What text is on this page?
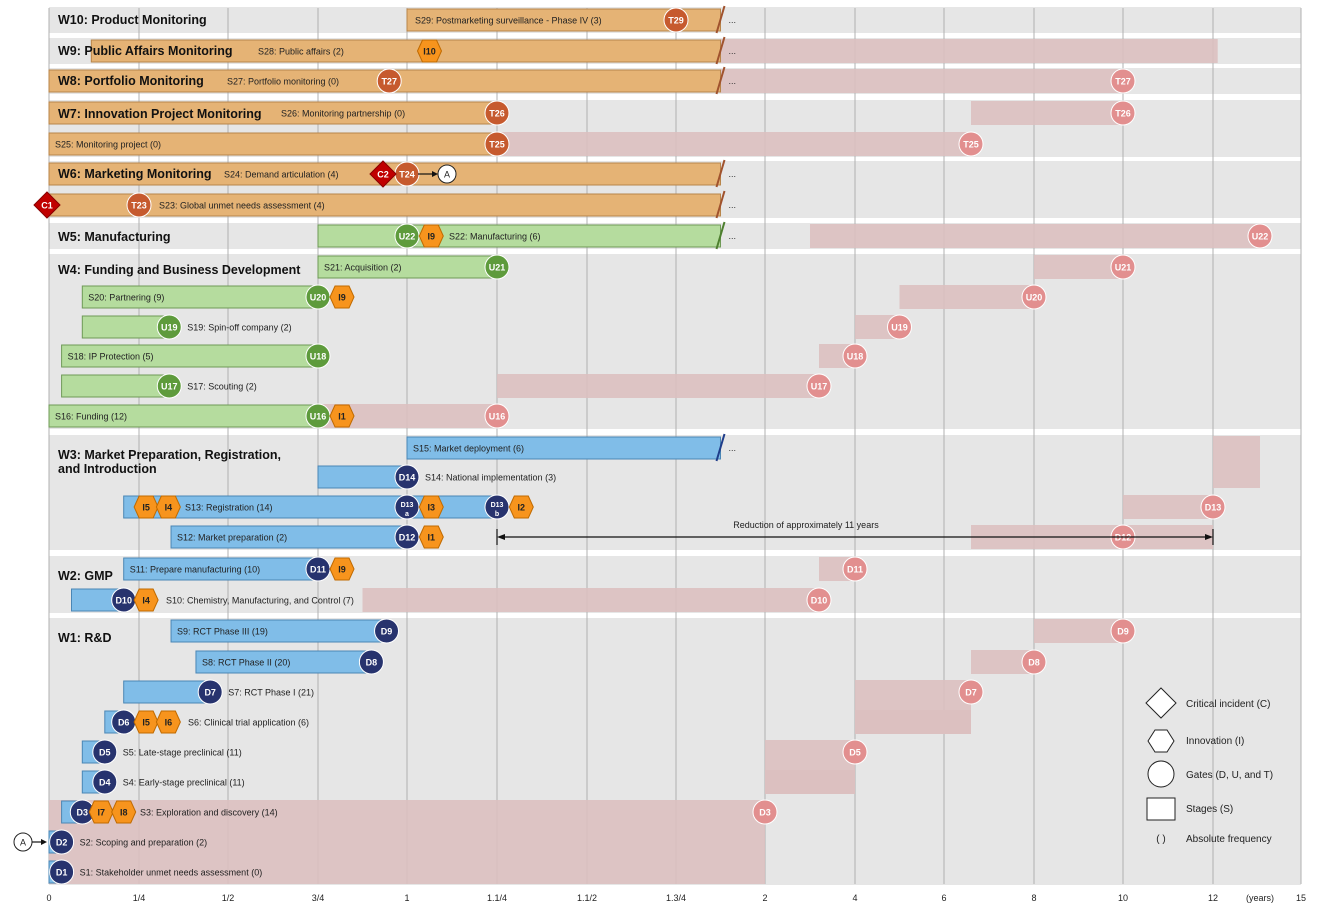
S29: Postmarketing surveillance - Phase IV (3)	...
S28: Public affairs (2)	...
S27: Portfolio monitoring (0)	...
S26: Monitoring partnership (0)
S25: Monitoring project (0)
S24: Demand articulation (4)	...
S23: Global unmet needs assessment (4)	...
S22: Manufacturing (6)	...
S21: Acquisition (2)
S20: Partnering (9)
S19: Spin-off company (2)
S18: IP Protection (5)
S17: Scouting (2)
S16: Funding (12)
S15: Market deployment (6)	...
S14: National implementation (3)
S13: Registration (14)
S12: Market preparation (2)
S11: Prepare manufacturing (10)
S10: Chemistry, Manufacturing, and Control (7)
S9: RCT Phase III (19)
S8: RCT Phase II (20)
S7: RCT Phase I (21)
S6: Clinical trial application (6)
S5: Late-stage preclinical (11)
S4: Early-stage preclinical (11)
S3: Exploration and discovery (14)
S2: Scoping and preparation (2)
S1: Stakeholder unmet needs assessment (0)
T29
T27
T26
T25
T24
T23
U22
U21
U20
U19
U18
U17
U16
D14
D13
a
D13
b
D12
D11
D10
D9
D8
D7
D6
D5
D4
D3
D2
D1
T27
T26
T25
U22
U21
U20
U19
U18
U17
U16
D13
D12
D11
D10
D9
D8
D7
D5
D3
I10
I9
I9
I1
I5 I4	I3	I2
I1
I9
I4
I5 I6
I7 I8
C1
C2	A
A
Reduction of approximately 11 years
W10: Product Monitoring
W9: Public Affairs Monitoring
W8: Portfolio Monitoring
W7: Innovation Project Monitoring
W6: Marketing Monitoring
W5: Manufacturing
W4: Funding and Business Development
W3: Market Preparation, Registration, and Introduction
W2: GMP
W1: R&D
0	1/4	1/2	3/4	1	1.1/4	1.1/2	1.3/4	2	4	6	8	10	12	(years) 15
Critical incident (C)
Innovation (I)
Gates (D, U, and T)
Stages (S)
( ) Absolute frequency
